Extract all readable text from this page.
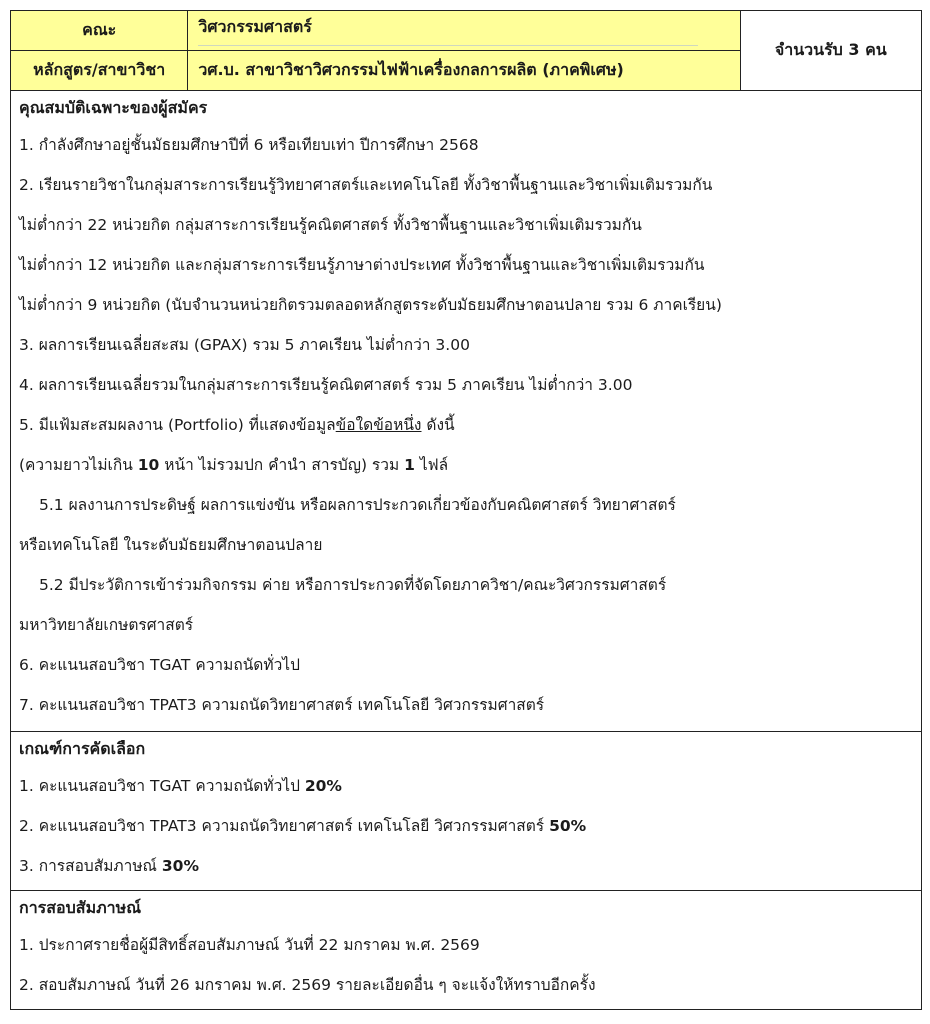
คณะ	วิศวกรรมศาสตร์	จำนวนรับ 3 คน
หลักสูตร/สาขาวิชา	วศ.บ. สาขาวิชาวิศวกรรมไฟฟ้าเครื่องกลการผลิต (ภาคพิเศษ)	
คุณสมบัติเฉพาะของผู้สมัคร
1. กำลังศึกษาอยู่ชั้นมัธยมศึกษาปีที่ 6 หรือเทียบเท่า ปีการศึกษา 2568
2. เรียนรายวิชาในกลุ่มสาระการเรียนรู้วิทยาศาสตร์และเทคโนโลยี ทั้งวิชาพื้นฐานและวิชาเพิ่มเติมรวมกัน
ไม่ต่ำกว่า 22 หน่วยกิต กลุ่มสาระการเรียนรู้คณิตศาสตร์ ทั้งวิชาพื้นฐานและวิชาเพิ่มเติมรวมกัน
ไม่ต่ำกว่า 12 หน่วยกิต และกลุ่มสาระการเรียนรู้ภาษาต่างประเทศ ทั้งวิชาพื้นฐานและวิชาเพิ่มเติมรวมกัน
ไม่ต่ำกว่า 9 หน่วยกิต (นับจำนวนหน่วยกิตรวมตลอดหลักสูตรระดับมัธยมศึกษาตอนปลาย รวม 6 ภาคเรียน)
3. ผลการเรียนเฉลี่ยสะสม (GPAX) รวม 5 ภาคเรียน ไม่ต่ำกว่า 3.00
4. ผลการเรียนเฉลี่ยรวมในกลุ่มสาระการเรียนรู้คณิตศาสตร์ รวม 5 ภาคเรียน ไม่ต่ำกว่า 3.00
5. มีแฟ้มสะสมผลงาน (Portfolio) ที่แสดงข้อมูลข้อใดข้อหนึ่ง ดังนี้
(ความยาวไม่เกิน 10 หน้า ไม่รวมปก คำนำ สารบัญ) รวม 1 ไฟล์
5.1 ผลงานการประดิษฐ์ ผลการแข่งขัน หรือผลการประกวดเกี่ยวข้องกับคณิตศาสตร์ วิทยาศาสตร์
หรือเทคโนโลยี ในระดับมัธยมศึกษาตอนปลาย
5.2 มีประวัติการเข้าร่วมกิจกรรม ค่าย หรือการประกวดที่จัดโดยภาควิชา/คณะวิศวกรรมศาสตร์
มหาวิทยาลัยเกษตรศาสตร์
6. คะแนนสอบวิชา TGAT ความถนัดทั่วไป
7. คะแนนสอบวิชา TPAT3 ความถนัดวิทยาศาสตร์ เทคโนโลยี วิศวกรรมศาสตร์
เกณฑ์การคัดเลือก
1. คะแนนสอบวิชา TGAT ความถนัดทั่วไป 20%
2. คะแนนสอบวิชา TPAT3 ความถนัดวิทยาศาสตร์ เทคโนโลยี วิศวกรรมศาสตร์ 50%
3. การสอบสัมภาษณ์ 30%
การสอบสัมภาษณ์
1. ประกาศรายชื่อผู้มีสิทธิ์สอบสัมภาษณ์ วันที่ 22 มกราคม พ.ศ. 2569
2. สอบสัมภาษณ์ วันที่ 26 มกราคม พ.ศ. 2569 รายละเอียดอื่น ๆ จะแจ้งให้ทราบอีกครั้ง
